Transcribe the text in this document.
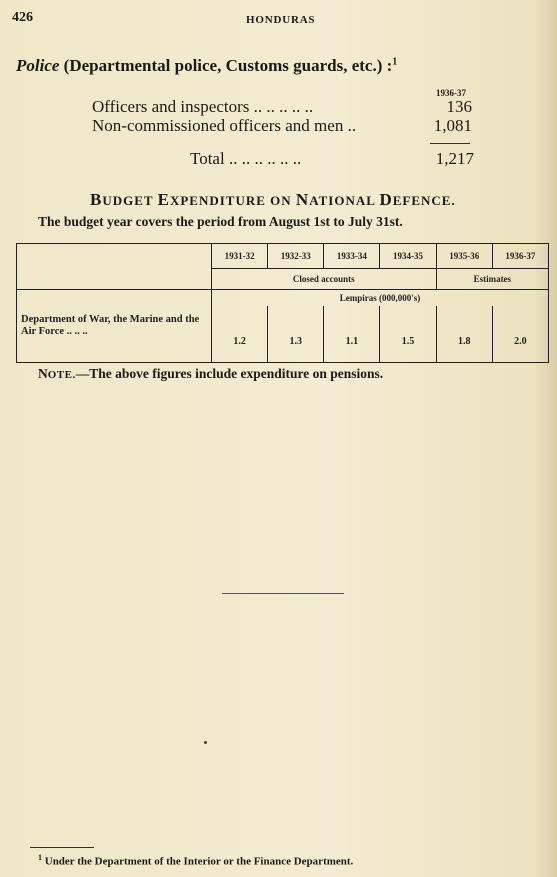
426	HONDURAS
Police (Departmental police, Customs guards, etc.) :$^1$
1936-37
Officers and inspectors .. .. .. .. ..	136
Non-commissioned officers and men ..	1,081
Total .. .. .. .. .. ..	1,217
BUDGET EXPENDITURE ON NATIONAL DEFENCE.
The budget year covers the period from August 1st to July 31st.
	1931-32	1932-33	1933-34	1934-35	1935-36	1936-37
	Closed accounts				Estimates	
Department of War, the Marine and the Air Force .. .. ..	Lempiras (000,000's)					
	1.2	1.3	1.1	1.5	1.8	2.0
NOTE.—The above figures include expenditure on pensions.
$^1$ Under the Department of the Interior or the Finance Department.
